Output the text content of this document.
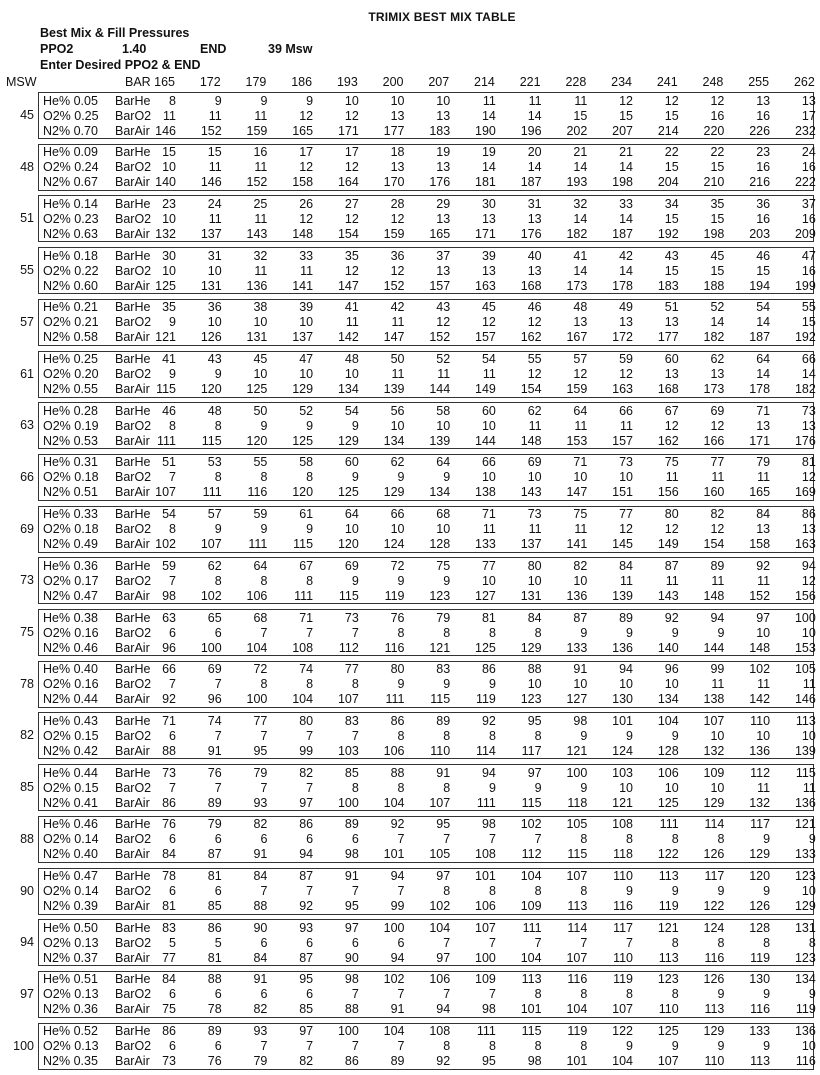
TRIMIX BEST MIX TABLE
Best Mix & Fill Pressures
PPO2	1.40	END	39 Msw
Enter Desired PPO2 & END
MSW	BAR 165	172	179	186	193	200	207	214	221	228	234	241	248	255	262
45
He% 0.05 BarHe	8	9	9	9	10	10	10	11	11	11	12	12	12	13	13
O2% 0.25 BarO2 11	11	11	12	12	13	13	14	14	15	15	15	16	16	17
N2% 0.70 BarAir 146	152	159	165	171	177	183	190	196	202	207	214	220	226	232
48
He% 0.09 BarHe 15	15	16	17	17	18	19	19	20	21	21	22	22	23	24
O2% 0.24 BarO2 10	11	11	12	12	13	13	14	14	14	14	15	15	16	16
N2% 0.67 BarAir 140	146	152	158	164	170	176	181	187	193	198	204	210	216	222
51
He% 0.14 BarHe 23	24	25	26	27	28	29	30	31	32	33	34	35	36	37
O2% 0.23 BarO2 10	11	11	12	12	12	13	13	13	14	14	15	15	16	16
N2% 0.63 BarAir 132	137	143	148	154	159	165	171	176	182	187	192	198	203	209
55
He% 0.18 BarHe 30	31	32	33	35	36	37	39	40	41	42	43	45	46	47
O2% 0.22 BarO2 10	10	11	11	12	12	13	13	13	14	14	15	15	15	16
N2% 0.60 BarAir 125	131	136	141	147	152	157	163	168	173	178	183	188	194	199
57
He% 0.21 BarHe 35	36	38	39	41	42	43	45	46	48	49	51	52	54	55
O2% 0.21 BarO2	9	10	10	10	11	11	12	12	12	13	13	13	14	14	15
N2% 0.58 BarAir 121	126	131	137	142	147	152	157	162	167	172	177	182	187	192
61
He% 0.25 BarHe 41	43	45	47	48	50	52	54	55	57	59	60	62	64	66
O2% 0.20 BarO2	9	9	10	10	10	11	11	11	12	12	12	13	13	14	14
N2% 0.55 BarAir 115	120	125	129	134	139	144	149	154	159	163	168	173	178	182
63
He% 0.28 BarHe 46	48	50	52	54	56	58	60	62	64	66	67	69	71	73
O2% 0.19 BarO2	8	8	9	9	9	10	10	10	11	11	11	12	12	13	13
N2% 0.53 BarAir 111	115	120	125	129	134	139	144	148	153	157	162	166	171	176
66
He% 0.31 BarHe 51	53	55	58	60	62	64	66	69	71	73	75	77	79	81
O2% 0.18 BarO2	7	8	8	8	9	9	9	10	10	10	10	11	11	11	12
N2% 0.51 BarAir 107	111	116	120	125	129	134	138	143	147	151	156	160	165	169
69
He% 0.33 BarHe 54	57	59	61	64	66	68	71	73	75	77	80	82	84	86
O2% 0.18 BarO2	8	9	9	9	10	10	10	11	11	11	12	12	12	13	13
N2% 0.49 BarAir 102	107	111	115	120	124	128	133	137	141	145	149	154	158	163
73
He% 0.36 BarHe 59	62	64	67	69	72	75	77	80	82	84	87	89	92	94
O2% 0.17 BarO2	7	8	8	8	9	9	9	10	10	10	11	11	11	11	12
N2% 0.47 BarAir 98	102	106	111	115	119	123	127	131	136	139	143	148	152	156
75
He% 0.38 BarHe 63	65	68	71	73	76	79	81	84	87	89	92	94	97	100
O2% 0.16 BarO2	6	6	7	7	7	8	8	8	8	9	9	9	9	10	10
N2% 0.46 BarAir 96	100	104	108	112	116	121	125	129	133	136	140	144	148	153
78
He% 0.40 BarHe 66	69	72	74	77	80	83	86	88	91	94	96	99	102	105
O2% 0.16 BarO2	7	7	8	8	8	9	9	9	10	10	10	10	11	11	11
N2% 0.44 BarAir 92	96	100	104	107	111	115	119	123	127	130	134	138	142	146
82
He% 0.43 BarHe 71	74	77	80	83	86	89	92	95	98	101	104	107	110	113
O2% 0.15 BarO2	6	7	7	7	7	8	8	8	8	9	9	9	10	10	10
N2% 0.42 BarAir 88	91	95	99	103	106	110	114	117	121	124	128	132	136	139
85
He% 0.44 BarHe 73	76	79	82	85	88	91	94	97	100	103	106	109	112	115
O2% 0.15 BarO2	7	7	7	7	8	8	8	9	9	9	10	10	10	11	11
N2% 0.41 BarAir 86	89	93	97	100	104	107	111	115	118	121	125	129	132	136
88
He% 0.46 BarHe 76	79	82	86	89	92	95	98	102	105	108	111	114	117	121
O2% 0.14 BarO2	6	6	6	6	6	7	7	7	7	8	8	8	8	9	9
N2% 0.40 BarAir 84	87	91	94	98	101	105	108	112	115	118	122	126	129	133
90
He% 0.47 BarHe 78	81	84	87	91	94	97	101	104	107	110	113	117	120	123
O2% 0.14 BarO2	6	6	7	7	7	7	8	8	8	8	9	9	9	9	10
N2% 0.39 BarAir 81	85	88	92	95	99	102	106	109	113	116	119	122	126	129
94
He% 0.50 BarHe 83	86	90	93	97	100	104	107	111	114	117	121	124	128	131
O2% 0.13 BarO2	5	5	6	6	6	6	7	7	7	7	7	8	8	8	8
N2% 0.37 BarAir 77	81	84	87	90	94	97	100	104	107	110	113	116	119	123
97
He% 0.51 BarHe 84	88	91	95	98	102	106	109	113	116	119	123	126	130	134
O2% 0.13 BarO2	6	6	6	6	7	7	7	7	8	8	8	8	9	9	9
N2% 0.36 BarAir 75	78	82	85	88	91	94	98	101	104	107	110	113	116	119
100
He% 0.52 BarHe 86	89	93	97	100	104	108	111	115	119	122	125	129	133	136
O2% 0.13 BarO2	6	6	7	7	7	7	8	8	8	8	9	9	9	9	10
N2% 0.35 BarAir 73	76	79	82	86	89	92	95	98	101	104	107	110	113	116
